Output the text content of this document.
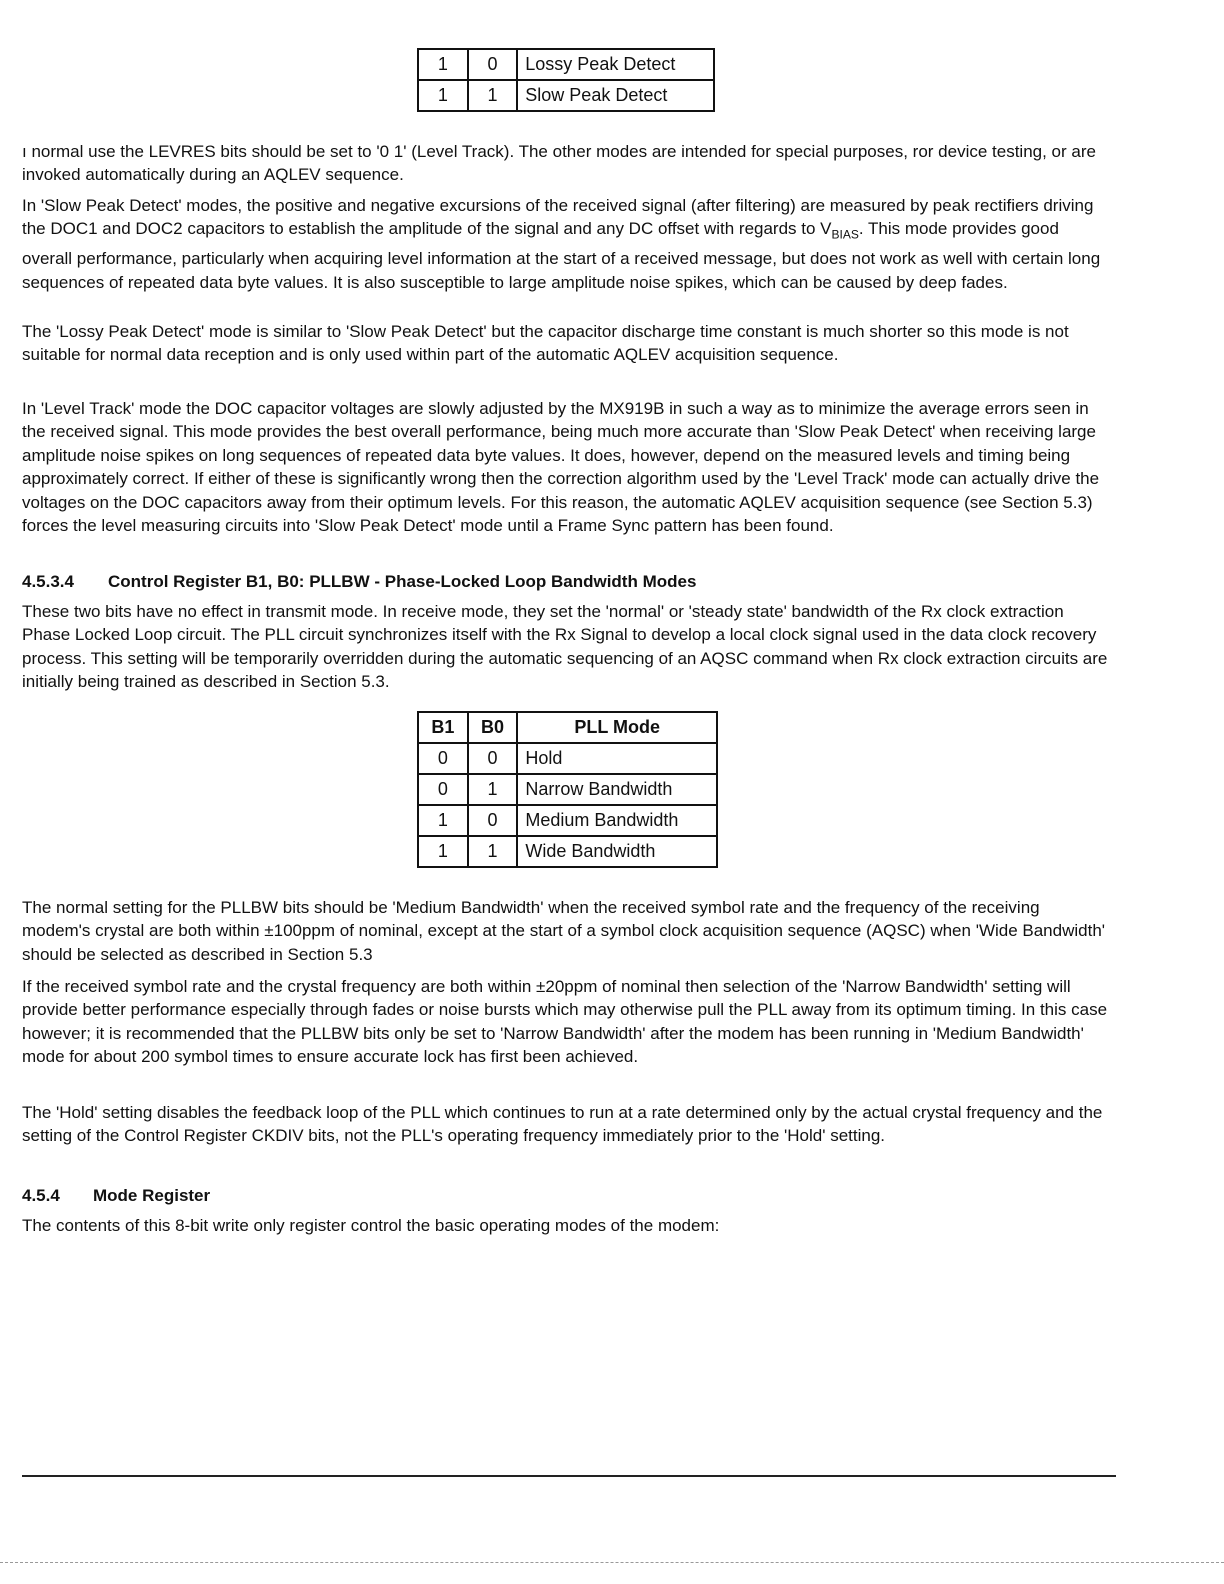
1	0	Lossy Peak Detect
1	1	Slow Peak Detect

ı normal use the LEVRES bits should be set to '0 1' (Level Track). The other modes are intended for special purposes, ror device testing, or are invoked automatically during an AQLEV sequence.

In 'Slow Peak Detect' modes, the positive and negative excursions of the received signal (after filtering) are measured by peak rectifiers driving the DOC1 and DOC2 capacitors to establish the amplitude of the signal and any DC offset with regards to $V_{BIAS}$. This mode provides good overall performance, particularly when acquiring level information at the start of a received message, but does not work as well with certain long sequences of repeated data byte values. It is also susceptible to large amplitude noise spikes, which can be caused by deep fades.

The 'Lossy Peak Detect' mode is similar to 'Slow Peak Detect' but the capacitor discharge time constant is much shorter so this mode is not suitable for normal data reception and is only used within part of the automatic AQLEV acquisition sequence.

In 'Level Track' mode the DOC capacitor voltages are slowly adjusted by the MX919B in such a way as to minimize the average errors seen in the received signal. This mode provides the best overall performance, being much more accurate than 'Slow Peak Detect' when receiving large amplitude noise spikes on long sequences of repeated data byte values. It does, however, depend on the measured levels and timing being approximately correct. If either of these is significantly wrong then the correction algorithm used by the 'Level Track' mode can actually drive the voltages on the DOC capacitors away from their optimum levels. For this reason, the automatic AQLEV acquisition sequence (see Section 5.3) forces the level measuring circuits into 'Slow Peak Detect' mode until a Frame Sync pattern has been found.

4.5.3.4 Control Register B1, B0: PLLBW - Phase-Locked Loop Bandwidth Modes

These two bits have no effect in transmit mode. In receive mode, they set the 'normal' or 'steady state' bandwidth of the Rx clock extraction Phase Locked Loop circuit. The PLL circuit synchronizes itself with the Rx Signal to develop a local clock signal used in the data clock recovery process. This setting will be temporarily overridden during the automatic sequencing of an AQSC command when Rx clock extraction circuits are initially being trained as described in Section 5.3.

B1	B0	PLL Mode
0	0	Hold
0	1	Narrow Bandwidth
1	0	Medium Bandwidth
1	1	Wide Bandwidth

The normal setting for the PLLBW bits should be 'Medium Bandwidth' when the received symbol rate and the frequency of the receiving modem's crystal are both within ±100ppm of nominal, except at the start of a symbol clock acquisition sequence (AQSC) when 'Wide Bandwidth' should be selected as described in Section 5.3

If the received symbol rate and the crystal frequency are both within ±20ppm of nominal then selection of the 'Narrow Bandwidth' setting will provide better performance especially through fades or noise bursts which may otherwise pull the PLL away from its optimum timing. In this case however; it is recommended that the PLLBW bits only be set to 'Narrow Bandwidth' after the modem has been running in 'Medium Bandwidth' mode for about 200 symbol times to ensure accurate lock has first been achieved.

The 'Hold' setting disables the feedback loop of the PLL which continues to run at a rate determined only by the actual crystal frequency and the setting of the Control Register CKDIV bits, not the PLL's operating frequency immediately prior to the 'Hold' setting.

4.5.4 Mode Register

The contents of this 8-bit write only register control the basic operating modes of the modem:
